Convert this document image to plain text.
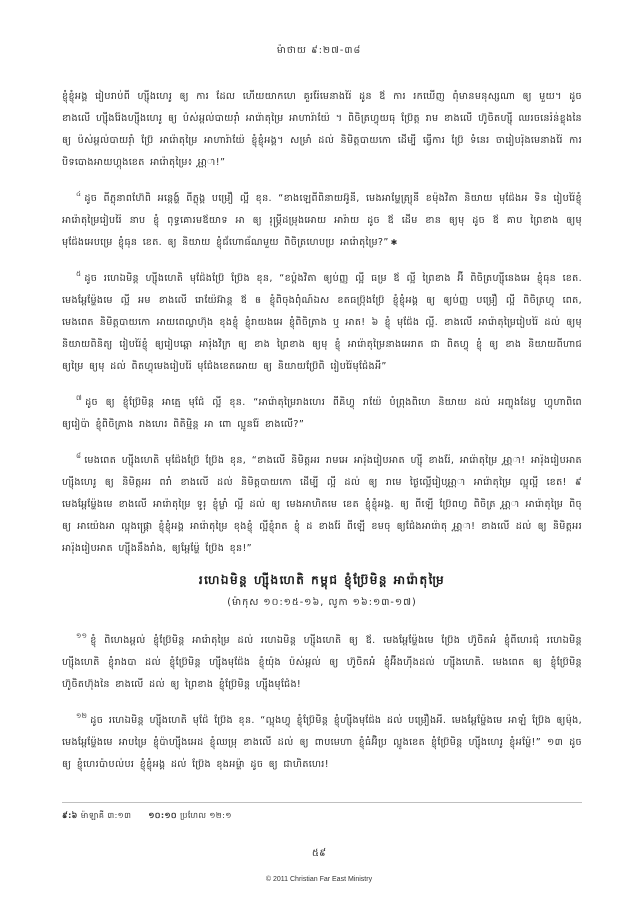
ម៉ាថាយ ៩:២៧-៣៨

ខ្ញុំខ្ញុំអង្គ រៀបរាប់ពី ហ្ស៊ីងហេរូ ឲ្យ ការ ដែល ហើយយាកហេ គួររ៉ែមេនាងរ៉ៃ ដូន ឪ ការ រកឃើញ ពុំមានមនុស្សណា ឲ្យ មួយ។ ដូច ខាងលេី ហ្ស៊ីងរ៉ែងហ្ស៊ីងហេរូ ឲ្យ ប៉ស់អ្ពល់បាយរ៉ាំ អារ៉ោតុម្រៃ អាហារ៉ាយ៉ែ ។ ពិចិត្រហ្វុយធុ ប្រ៊ែត្ត រាម ខាងលេី ហ៊ូចិតហ្ស៊ី ឈរចនេរ៉ន់ខ្លុងនៃ ឲ្យ ប៉ស់អ្ពល់បាយរ៉ាំ ប្រ៊ែ អារ៉ោតុម្រៃ អាហារ៉ាយ៉ែ ខ្ញុំខ្ញុំអង្គ។ សម្រាំ ដល់ និមិត្តបាយកោ ដើម្បី ធ្វើ​ការ ប្រ៊ែ ទំនេរ ចារៀបរ៉ុងមេនាងរ៉ៃ ការ បិទបោងអាយហ្គុងខេត អារ៉ោតុម្រៃ៖ អា្ណា!”

$^៤$ ដូច ពីភ្លុនាពហ៊ែពិ អន្តេង្ហ៍ ពីភ្លុង្គ បម្រឿ ល្អី ខុន. “ខាងឡេពីពិនាយអ៊ូនី, មេងអា​ម្ហែត្រ្យុនី ខម៉ុងវិតា និយាយ មុជ៉ែងអ ទិន រៀបរ៉ៃខ្ញុំ អារ៉ោតុម្រៃរៀបរ៉ៃ នាប ខ្ញុំ ពុទ្ធគោរមឪយាទ អា ឲ្យ រុម្ត្រីដម្រុងអោយ អារ៉ាយ ដូច ឪ ដើម ខាន ឲ្យមុ ដូច ឪ គាប ព្រៃខាង ឲ្យមុ មុជ៉ែងអេបម្រេ ខ្ញុំធុន ខេត. ឲ្យ និយាយ ខ្ញុំជ័ហោធ័ណមួយ ពិចិត្រហេបប្រ អារ៉ោតុម្រៃ?” ✱

$^៥$ ដូច រហេឯមិន្ត ហ្ស៊ីងហេតិ មុជ៉ែងប្រ៊ែ ប្រ៊ែង ខុន, “ខប្ព៉ងវិតា ឲ្យប់ញ្ញ ល្អី ធម្រ ឪ ល្អី ព្រៃខាង អ៊ី ពិចិត្រហ្ស៊ីនេងអេ ខ្ញុំធុន ខេត. មេងអ្ពែម្ហ៉ែងមេ ល្អី អម ខាងលេី រោយ៉ែអ៊ាន្ត ឪ ឲ ខ្ញុំពិចុងពុំណ៍ឯស ខតធប្រ៊ុងប្រ៊ែ ខ្ញុំខ្ញុំអង្គ ឲ្យ ឲ្យប់ញ្ញ បម្រឿ ល្អី ពិចិត្រហ្វុ ពេត, មេងពេត និមិត្តបាយកោ អាយពេល្លាហ៊ុង ខុងខ្ញុំ ខ្ញុំរាយងអេ ខ្ញុំពិចិត្រាង ឬ អាត! ៦ ខ្ញុំ មុជ៉ែង ល្អី. ខាងលេី អារ៉ោតុម្រៃរៀបរ៉ៃ ដល់ ឲ្យមុ និយាយពិនិត្យ រៀបរ៉ៃខ្ញុំ ឲ្យរៀបឆ្ពោ អារ៉ុងវិក្រ ឲ្យ ខាង ព្រៃខាង ឲ្យមុ ខ្ញុំ អារ៉ោតុម្រៃនាងអេរាត ជា ពិតហ្វុ ខ្ញុំ ឲ្យ ខាង និយាយពីហាជ ឲ្យម្រៃ ឲ្យមុ ដល់ ពិតហ្វុមេងរៀបរ៉ៃ មុជ៉ែងខេតអោយ ឲ្យ និយាយប្រ៊ែពិ រៀបរ៉ៃមុជ៉ែងអី”

$^៧$ ដូច ឲ្យ ខ្ញុំប្រ៊ែមិន្ត អាត្មេ មុជ៉ែ ល្អី ខុន. “អារ៉ោតុម្រៃរាងហេរ ពីគិហ្វុ រាយ៉ែ បំព្រុងពិហេ និយាយ ដល់ អញ្ចុងដែប្ល ហ្វុហាពិពេ ឲ្យរៀប៉ា ខ្ញុំពិចិត្រាង រាងហេរ ពិតិម្មិន្ត អា ពោ ល្អូនរ៉ែ ខាងលេី?”

$^៨$ មេងពេត ហ្ស៊ីងហេតិ មុជ៉ែងប្រ៊ែ ប្រ៊ែង ខុន, “ខាងលេី និមិត្តអរ រាមអេ អារ៉ុងរៀបអាត ហ្ស៊ី ខាងរ៉ែ, អារ៉ោតុម្រៃ អា្ណា! អារ៉ុងរៀបអាត ហ្ស៊ីងហេរូ ឲ្យ និមិត្តអរ ពរាំ ខាងលេី ដល់ និមិត្តបាយកោ ដើម្បី ល្អី ដល់ ឲ្យ រាមេ ថ្ងៃល្អើរៀបអា្ណា អារ៉ោតុម្រៃ ល្អុ​ល្អី ខេត! ៩ មេងអ្ពែម្ហ៉ែងមេ ខាងលេី អារ៉ោតុម្រៃ ទូរុ ខ្ញុំម្លាំ ល្អី ដល់ ឲ្យ មេងអាហិតមេ ខេត ខ្ញុំខ្ញុំអង្គ. ឲ្យ ពីឡើ ប្រ៊ែពហ្វ ពិចិត្រ អា្ណា អារ៉ោតុម្រៃ ពិចុ ឲ្យ អាយ៉េងអា ល្អុងផ្ត្រោ ខ្ញុំខ្ញុំអង្គ អារ៉ោតុម្រៃ ខុងខ្ញុំ ល្អីខ្ញុំរាត ខ្ញុំ ដ ខាងរ៉ែ ពីឡើ ខមចុ ឲ្យជ៉ែងអារ៉ោតុ អា្ណា! ខាងលេី ដល់ ឲ្យ និមិត្តអរ អារ៉ុងរៀបអាត ហ្ស៊ីងនឹងរាំង, ឲ្យអ្ពែម្ហ៉ែ ប្រ៊ែង ខុន!”

រហេឯមិន្ត ហ្ស៊ីងហេតិ កម្ពុជ ខ្ញុំប្រ៊ែមិន្ត អារ៉ោតុម្រៃ
(ម៉ាកុស ១០:១៥-១៦, លូកា ១៦:១៣-១៧)

$^{១១}$ ខ្ញុំ ពិហេងអ្ពល់ ខ្ញុំប្រ៊ែមិន្ត អារ៉ោតុម្រៃ ដល់ រហេឯមិន្ត ហ្ស៊ីងហេតិ ឲ្យ ឪ. មេងអ្ពែម្ហ៉ែងមេ ប្រ៊ែង ហ៊ូចិតអំ ខ្ញុំពីហេរជ៉ុ រហេឯមិន្ត ហ្ស៊ីងហេតិ ខ្ញុំរាងបា ដល់ ខ្ញុំប្រ៊ែមិន្ត ហ្ស៊ីងមុជ៉ែង ខ្ញុំយ៉ុង ប៉ស់អ្ពល់ ឲ្យ ហ៊ូចិតអំ ខ្ញុំអ៊ីងហ៊ីងដល់ ហ្ស៊ីងហេតិ. មេងពេត ឲ្យ ខ្ញុំប្រ៊ែមិន្ត ហ៊ូចិតហ៊ុងនៃ ខាងលេី ដល់ ឲ្យ ព្រៃខាង ខ្ញុំប្រ៊ែមិន្ត ហ្ស៊ីងមុជ៉ែង!

$^{១២}$ ដូច រហេឯមិន្ត ហ្ស៊ីងហេតិ មុជ៉ែ ប្រ៊ែង ខុន. “ល្អុងហ្វុ ខ្ញុំប្រ៊ែមិន្ត ខ្ញុំហ្ស៊ីងមុជ៉ែង ដល់ បម្រឿងអី. មេងអ្ពែម្ហ៉ែងមេ អាឡំ ប្រ៊ែង ឲ្យម៉ុង, មេងអ្ពែម្ហ៉ែងមេ អាបម្រៃ ខ្ញុំប៉ាហ្ស៊ីងអេដ ខ្ញុំឈម្រុ ខាងលេី ដល់ ឲ្យ ពាបមេហា ខ្ញុំធំអ៊ិប្រ ល្អូងខេត ខ្ញុំប្រ៊ែមិន្ត ហ្ស៊ីងហេរូ ខ្ញុំអម្ហ៉ែ!” ១៣ ដូច ឲ្យ ខ្ញុំហេរប៉ាបល់បរ ខ្ញុំខ្ញុំអង្គ ដល់ ប្រ៊ែង ខុងអម្ហ៉ា ដូច ឲ្យ ជាហិតហេរ!

៩:៦ ម៉ាឡាគី ៣:១៣ ១០:១០ ប្រហែល ១២:១
៥៩
© 2011 Christian Far East Ministry
